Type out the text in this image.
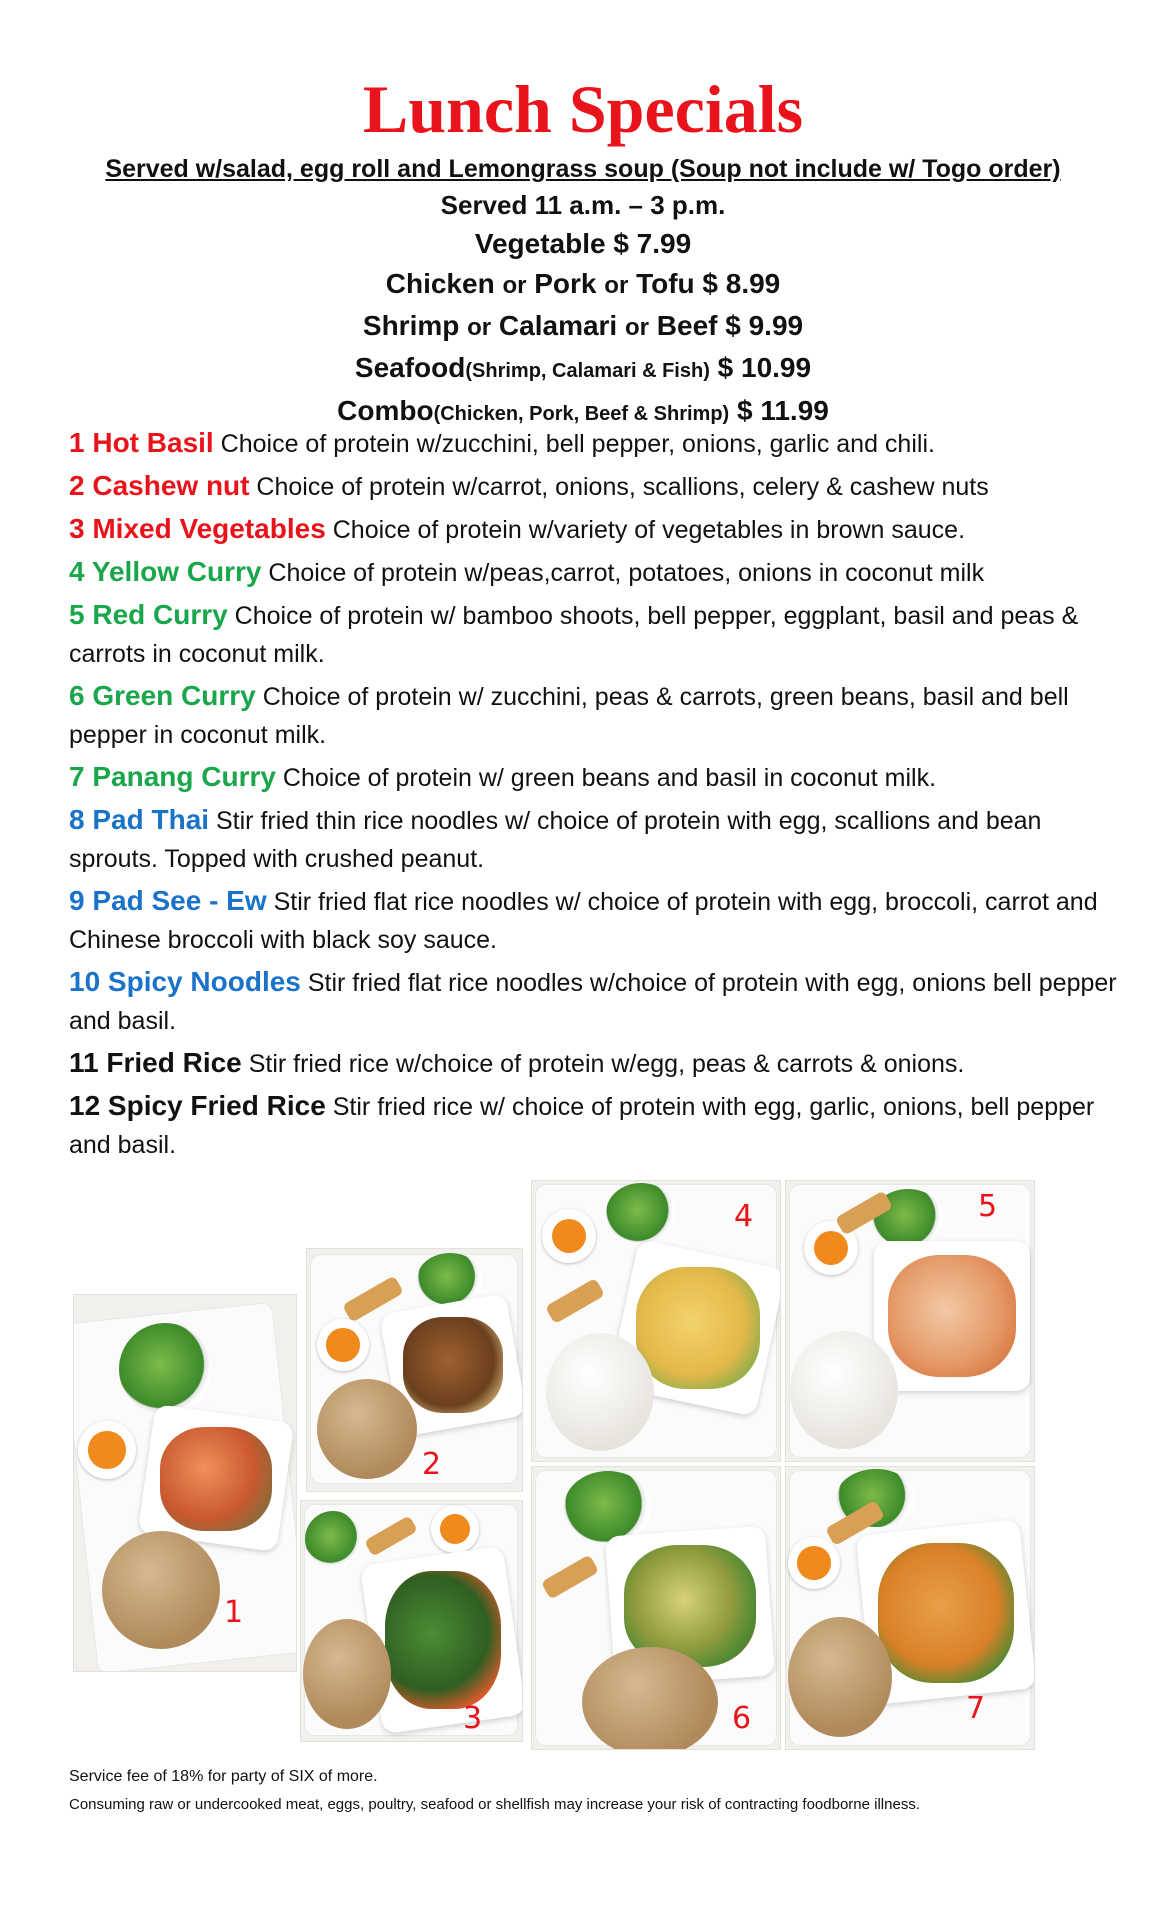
Lunch Specials
Served w/salad, egg roll and Lemongrass soup (Soup not include w/ Togo order)
Served 11 a.m. – 3 p.m.
Vegetable $ 7.99
Chicken or Pork or Tofu $ 8.99
Shrimp or Calamari or Beef $ 9.99
Seafood(Shrimp, Calamari & Fish) $ 10.99
Combo(Chicken, Pork, Beef & Shrimp) $ 11.99
1 Hot Basil Choice of protein w/zucchini, bell pepper, onions, garlic and chili.
2 Cashew nut Choice of protein w/carrot, onions, scallions, celery & cashew nuts
3 Mixed Vegetables Choice of protein w/variety of vegetables in brown sauce.
4 Yellow Curry Choice of protein w/peas,carrot, potatoes, onions in coconut milk
5 Red Curry Choice of protein w/ bamboo shoots, bell pepper, eggplant, basil and peas & carrots in coconut milk.
6 Green Curry Choice of protein w/ zucchini, peas & carrots, green beans, basil and bell pepper in coconut milk.
7 Panang Curry Choice of protein w/ green beans and basil in coconut milk.
8 Pad Thai Stir fried thin rice noodles w/ choice of protein with egg, scallions and bean sprouts. Topped with crushed peanut.
9 Pad See - Ew Stir fried flat rice noodles w/ choice of protein with egg, broccoli, carrot and Chinese broccoli with black soy sauce.
10 Spicy Noodles Stir fried flat rice noodles w/choice of protein with egg, onions bell pepper and basil.
11 Fried Rice Stir fried rice w/choice of protein w/egg, peas & carrots & onions.
12 Spicy Fried Rice Stir fried rice w/ choice of protein with egg, garlic, onions, bell pepper and basil.
1
2
3
4	5
6	7
Service fee of 18% for party of SIX of more.
Consuming raw or undercooked meat, eggs, poultry, seafood or shellfish may increase your risk of contracting foodborne illness.
